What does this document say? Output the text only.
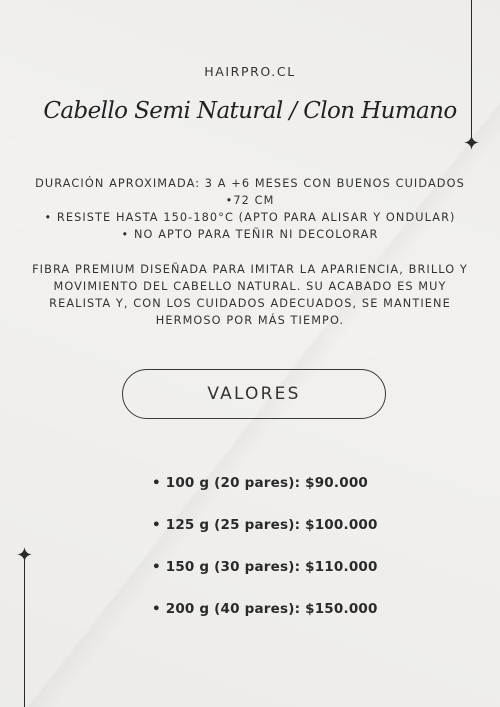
HAIRPRO.CL
Cabello Semi Natural / Clon Humano
DURACIÓN APROXIMADA: 3 A +6 MESES CON BUENOS CUIDADOS
•72 CM
• RESISTE HASTA 150-180°C (APTO PARA ALISAR Y ONDULAR)
• NO APTO PARA TEÑIR NI DECOLORAR
FIBRA PREMIUM DISEÑADA PARA IMITAR LA APARIENCIA, BRILLO Y
MOVIMIENTO DEL CABELLO NATURAL. SU ACABADO ES MUY
REALISTA Y, CON LOS CUIDADOS ADECUADOS, SE MANTIENE
HERMOSO POR MÁS TIEMPO.
VALORES
• 100 g (20 pares): $90.000
• 125 g (25 pares): $100.000
• 150 g (30 pares): $110.000
• 200 g (40 pares): $150.000
